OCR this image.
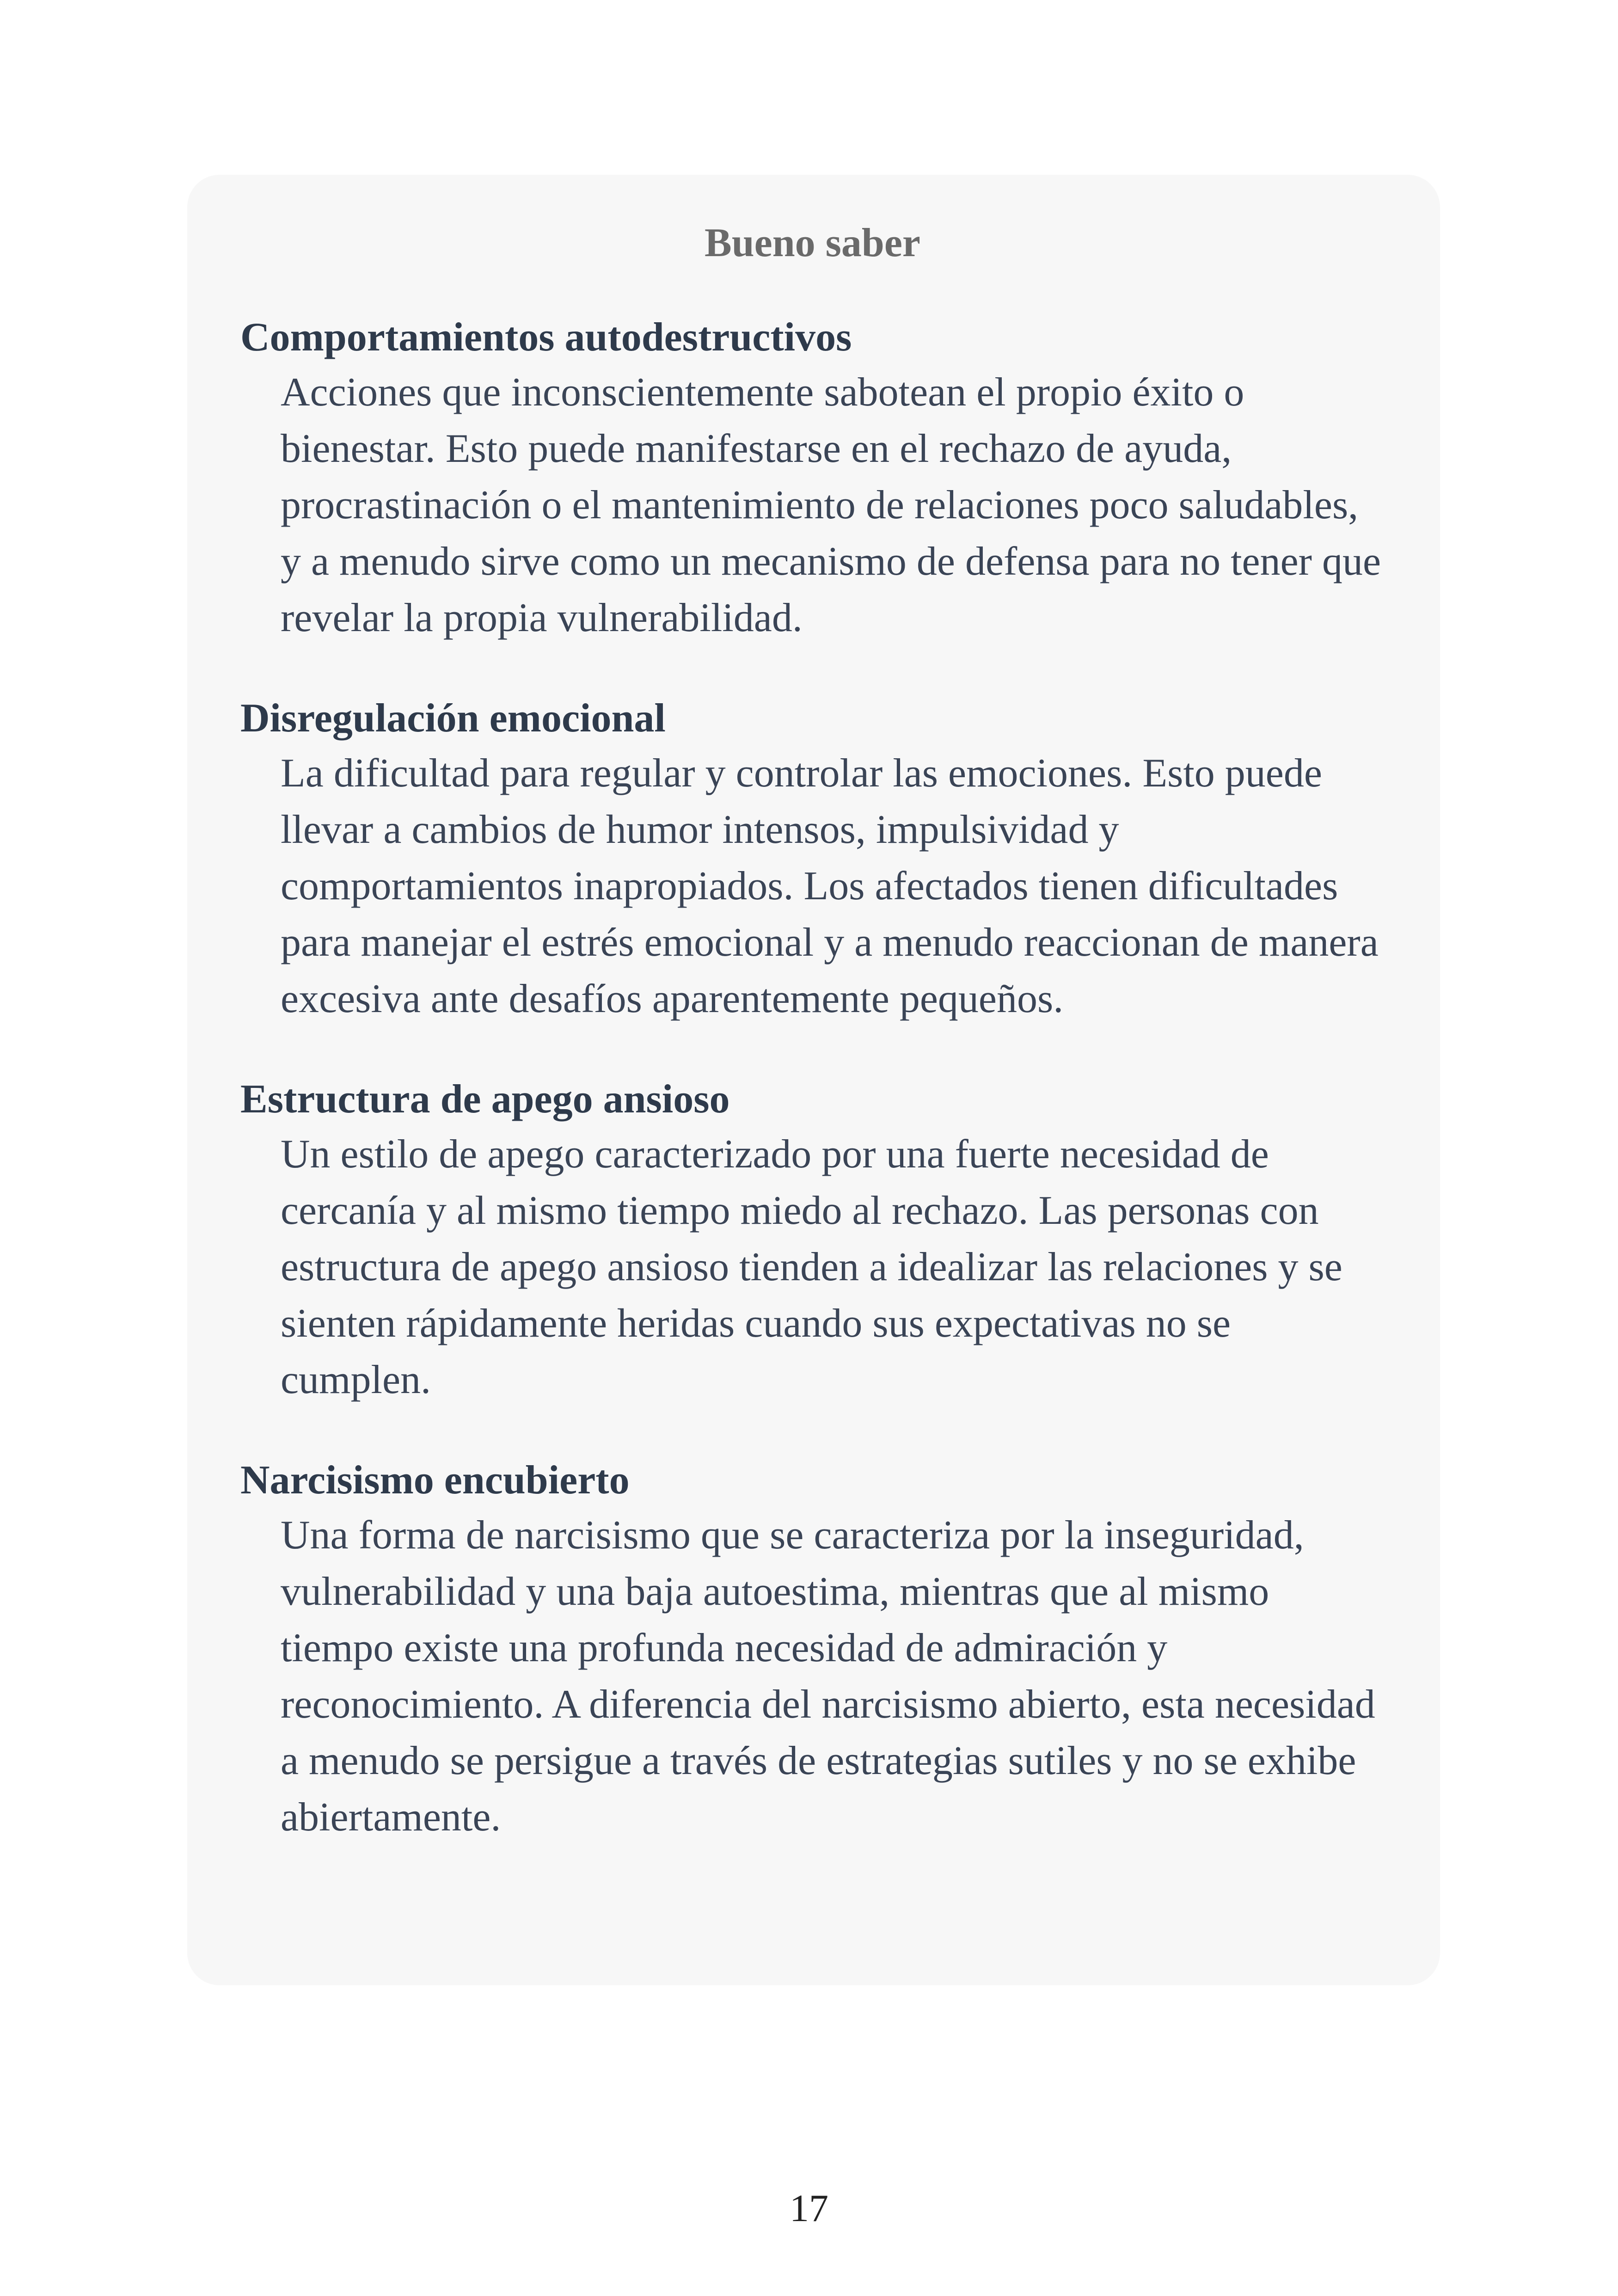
Bueno saber
Comportamientos autodestructivos
Acciones que inconscientemente sabotean el propio éxito o bienestar. Esto puede manifestarse en el rechazo de ayuda, procrastinación o el mantenimiento de relaciones poco saludables, y a menudo sirve como un mecanismo de defensa para no tener que revelar la propia vulnerabilidad.
Disregulación emocional
La dificultad para regular y controlar las emociones. Esto puede llevar a cambios de humor intensos, impulsividad y comportamientos inapropiados. Los afectados tienen dificultades para manejar el estrés emocional y a menudo reaccionan de manera excesiva ante desafíos aparentemente pequeños.
Estructura de apego ansioso
Un estilo de apego caracterizado por una fuerte necesidad de cercanía y al mismo tiempo miedo al rechazo. Las personas con estructura de apego ansioso tienden a idealizar las relaciones y se sienten rápidamente heridas cuando sus expectativas no se cumplen.
Narcisismo encubierto
Una forma de narcisismo que se caracteriza por la inseguridad, vulnerabilidad y una baja autoestima, mientras que al mismo tiempo existe una profunda necesidad de admiración y reconocimiento. A diferencia del narcisismo abierto, esta necesidad a menudo se persigue a través de estrategias sutiles y no se exhibe abiertamente.
17
